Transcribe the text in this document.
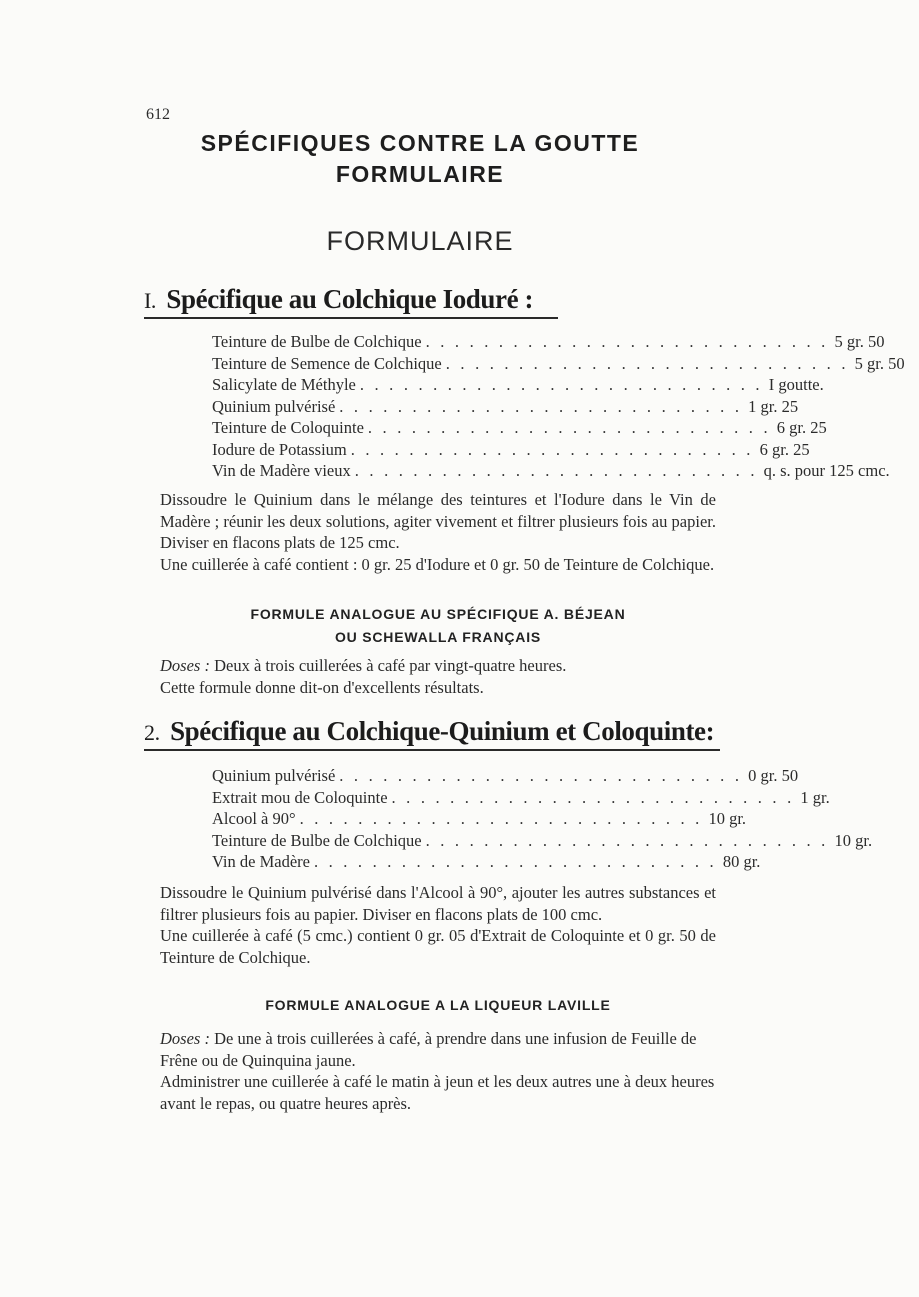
612
SPÉCIFIQUES CONTRE LA GOUTTE
FORMULAIRE
FORMULAIRE
I. Spécifique au Colchique Ioduré :
Teinture de Bulbe de Colchique . . . . . . . . . . . . . . . . . . . . . . . . . . . . 5 gr. 50
Teinture de Semence de Colchique . . . . . . . . . . . . . . . . . . . . . . . . . . . . 5 gr. 50
Salicylate de Méthyle . . . . . . . . . . . . . . . . . . . . . . . . . . . . I goutte.
Quinium pulvérisé . . . . . . . . . . . . . . . . . . . . . . . . . . . . 1 gr. 25
Teinture de Coloquinte . . . . . . . . . . . . . . . . . . . . . . . . . . . . 6 gr. 25
Iodure de Potassium . . . . . . . . . . . . . . . . . . . . . . . . . . . . 6 gr. 25
Vin de Madère vieux . . . . . . . . . . . . . . . . . . . . . . . . . . . . q. s. pour 125 cmc.

Dissoudre le Quinium dans le mélange des teintures et l'Iodure dans le Vin de Madère ; réunir les deux solutions, agiter vivement et filtrer plusieurs fois au papier. Diviser en flacons plats de 125 cmc.

Une cuillerée à café contient : 0 gr. 25 d'Iodure et 0 gr. 50 de Teinture de Colchique.

FORMULE ANALOGUE AU SPÉCIFIQUE A. BÉJEAN
OU SCHEWALLA FRANÇAIS

Doses : Deux à trois cuillerées à café par vingt-quatre heures.

Cette formule donne dit-on d'excellents résultats.

2. Spécifique au Colchique-Quinium et Coloquinte:
Quinium pulvérisé . . . . . . . . . . . . . . . . . . . . . . . . . . . . 0 gr. 50
Extrait mou de Coloquinte . . . . . . . . . . . . . . . . . . . . . . . . . . . . 1 gr.
Alcool à 90° . . . . . . . . . . . . . . . . . . . . . . . . . . . . 10 gr.
Teinture de Bulbe de Colchique . . . . . . . . . . . . . . . . . . . . . . . . . . . . 10 gr.
Vin de Madère . . . . . . . . . . . . . . . . . . . . . . . . . . . . 80 gr.

Dissoudre le Quinium pulvérisé dans l'Alcool à 90°, ajouter les autres substances et filtrer plusieurs fois au papier. Diviser en flacons plats de 100 cmc.

Une cuillerée à café (5 cmc.) contient 0 gr. 05 d'Extrait de Coloquinte et 0 gr. 50 de Teinture de Colchique.

FORMULE ANALOGUE A LA LIQUEUR LAVILLE

Doses : De une à trois cuillerées à café, à prendre dans une infusion de Feuille de Frêne ou de Quinquina jaune.

Administrer une cuillerée à café le matin à jeun et les deux autres une à deux heures avant le repas, ou quatre heures après.
